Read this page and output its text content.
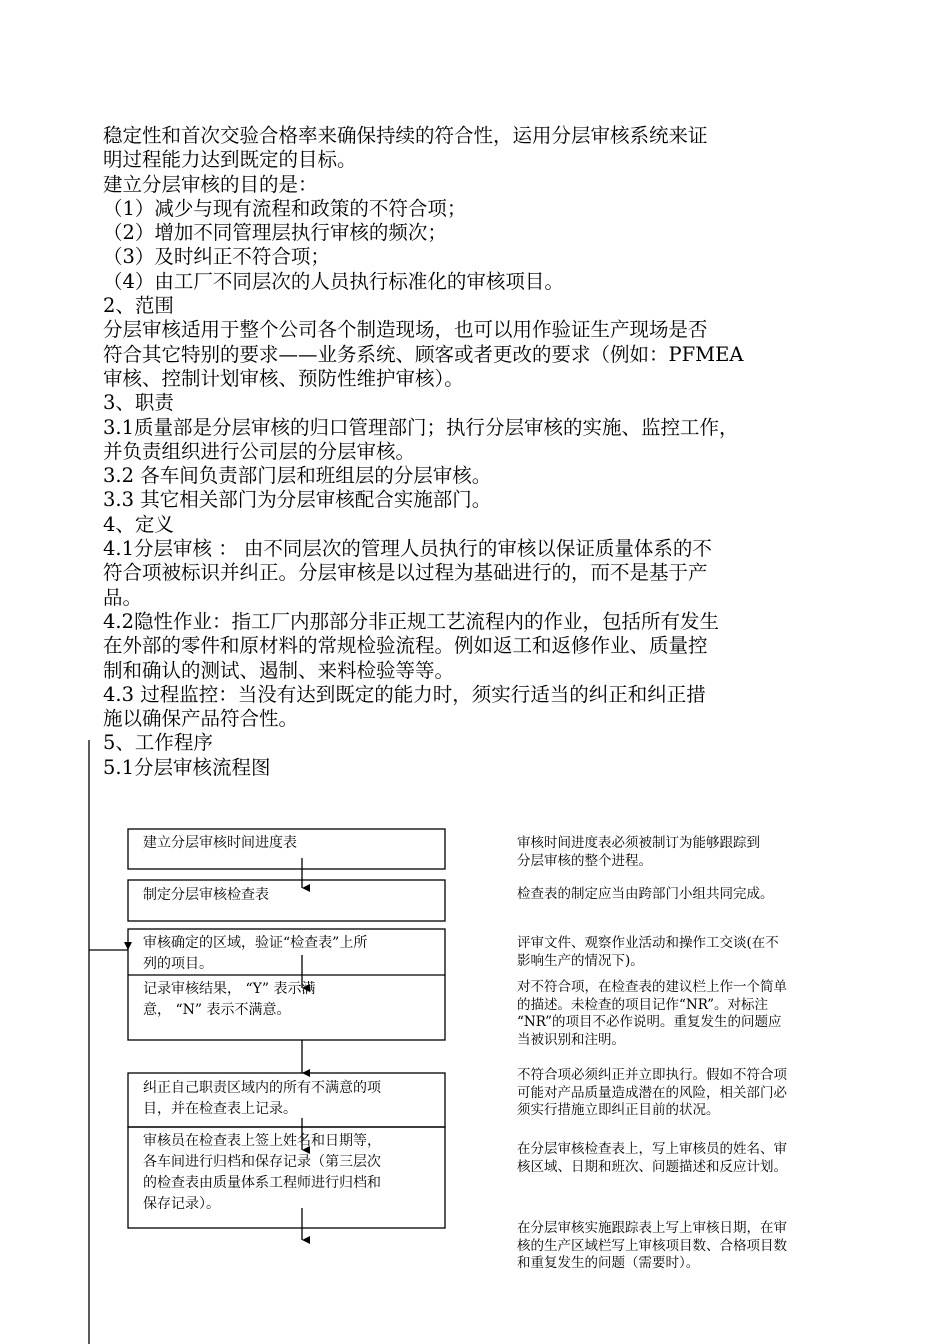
稳定性和首次交验合格率来确保持续的符合性，运用分层审核系统来证
明过程能力达到既定的目标。
建立分层审核的目的是：
（1）减少与现有流程和政策的不符合项；
（2）增加不同管理层执行审核的频次；
（3）及时纠正不符合项；
（4）由工厂不同层次的人员执行标准化的审核项目。
2、范围
分层审核适用于整个公司各个制造现场，也可以用作验证生产现场是否
符合其它特别的要求——业务系统、顾客或者更改的要求（例如：PFMEA
审核、控制计划审核、预防性维护审核）。
3、职责
3.1质量部是分层审核的归口管理部门；执行分层审核的实施、监控工作，
并负责组织进行公司层的分层审核。
3.2 各车间负责部门层和班组层的分层审核。
3.3 其它相关部门为分层审核配合实施部门。
4、定义
4.1分层审核 ： 由不同层次的管理人员执行的审核以保证质量体系的不
符合项被标识并纠正。分层审核是以过程为基础进行的，而不是基于产
品。
4.2隐性作业：指工厂内那部分非正规工艺流程内的作业，包括所有发生
在外部的零件和原材料的常规检验流程。例如返工和返修作业、质量控
制和确认的测试、遏制、来料检验等等。
4.3 过程监控：当没有达到既定的能力时，须实行适当的纠正和纠正措
施以确保产品符合性。
5、工作程序
5.1分层审核流程图
建立分层审核时间进度表
制定分层审核检查表
审核确定的区域，验证“检查表”上所
列的项目。
记录审核结果， “Y” 表示满
意， “N” 表示不满意。
纠正自己职责区域内的所有不满意的项
目，并在检查表上记录。
审核员在检查表上签上姓名和日期等，
各车间进行归档和保存记录（第三层次
的检查表由质量体系工程师进行归档和
保存记录）。
审核时间进度表必须被制订为能够跟踪到
分层审核的整个进程。
检查表的制定应当由跨部门小组共同完成。
评审文件、观察作业活动和操作工交谈(在不
影响生产的情况下)。
对不符合项，在检查表的建议栏上作一个简单
的描述。未检查的项目记作“NR”。对标注
“NR”的项目不必作说明。重复发生的问题应
当被识别和注明。
不符合项必须纠正并立即执行。假如不符合项
可能对产品质量造成潜在的风险，相关部门必
须实行措施立即纠正目前的状况。
在分层审核检查表上，写上审核员的姓名、审
核区域、日期和班次、问题描述和反应计划。
在分层审核实施跟踪表上写上审核日期，在审
核的生产区域栏写上审核项目数、合格项目数
和重复发生的问题（需要时）。
